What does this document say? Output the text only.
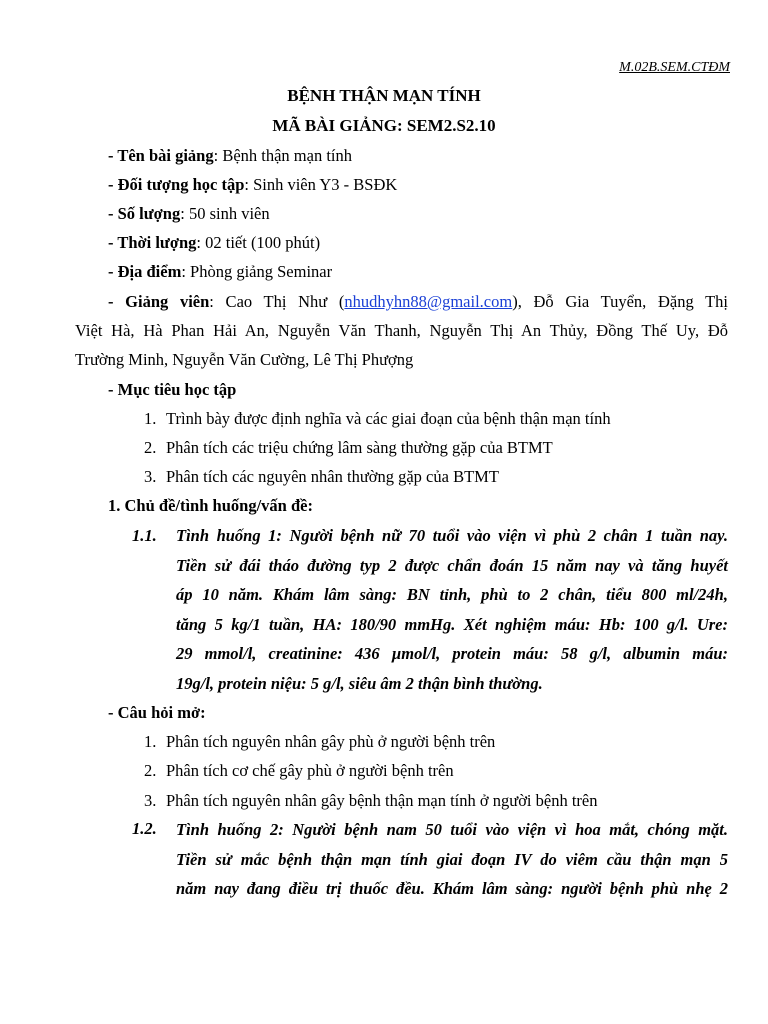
M.02B.SEM.CTĐM
BỆNH THẬN MẠN TÍNH
MÃ BÀI GIẢNG: SEM2.S2.10
- Tên bài giảng: Bệnh thận mạn tính
- Đối tượng học tập: Sinh viên Y3 - BSĐK
- Số lượng: 50 sinh viên
- Thời lượng: 02 tiết (100 phút)
- Địa điểm: Phòng giảng Seminar
- Giảng viên: Cao Thị Như (nhudhyhn88@gmail.com), Đỗ Gia Tuyển, Đặng Thị
Việt Hà, Hà Phan Hải An, Nguyễn Văn Thanh, Nguyễn Thị An Thủy, Đồng Thế Uy, Đỗ
Trường Minh, Nguyễn Văn Cường, Lê Thị Phượng
- Mục tiêu học tập
1. Trình bày được định nghĩa và các giai đoạn của bệnh thận mạn tính
2. Phân tích các triệu chứng lâm sàng thường gặp của BTMT
3. Phân tích các nguyên nhân thường gặp của BTMT
1. Chủ đề/tình huống/vấn đề:
1.1. Tình huống 1: Người bệnh nữ 70 tuổi vào viện vì phù 2 chân 1 tuần nay.
Tiền sử đái tháo đường typ 2 được chẩn đoán 15 năm nay và tăng huyết
áp 10 năm. Khám lâm sàng: BN tỉnh, phù to 2 chân, tiểu 800 ml/24h,
tăng 5 kg/1 tuần, HA: 180/90 mmHg. Xét nghiệm máu: Hb: 100 g/l. Ure:
29 mmol/l, creatinine: 436 µmol/l, protein máu: 58 g/l, albumin máu:
19g/l, protein niệu: 5 g/l, siêu âm 2 thận bình thường.
- Câu hỏi mở:
1. Phân tích nguyên nhân gây phù ở người bệnh trên
2. Phân tích cơ chế gây phù ở người bệnh trên
3. Phân tích nguyên nhân gây bệnh thận mạn tính ở người bệnh trên
1.2. Tình huống 2: Người bệnh nam 50 tuổi vào viện vì hoa mắt, chóng mặt.
Tiền sử mắc bệnh thận mạn tính giai đoạn IV do viêm cầu thận mạn 5
năm nay đang điều trị thuốc đều. Khám lâm sàng: người bệnh phù nhẹ 2
